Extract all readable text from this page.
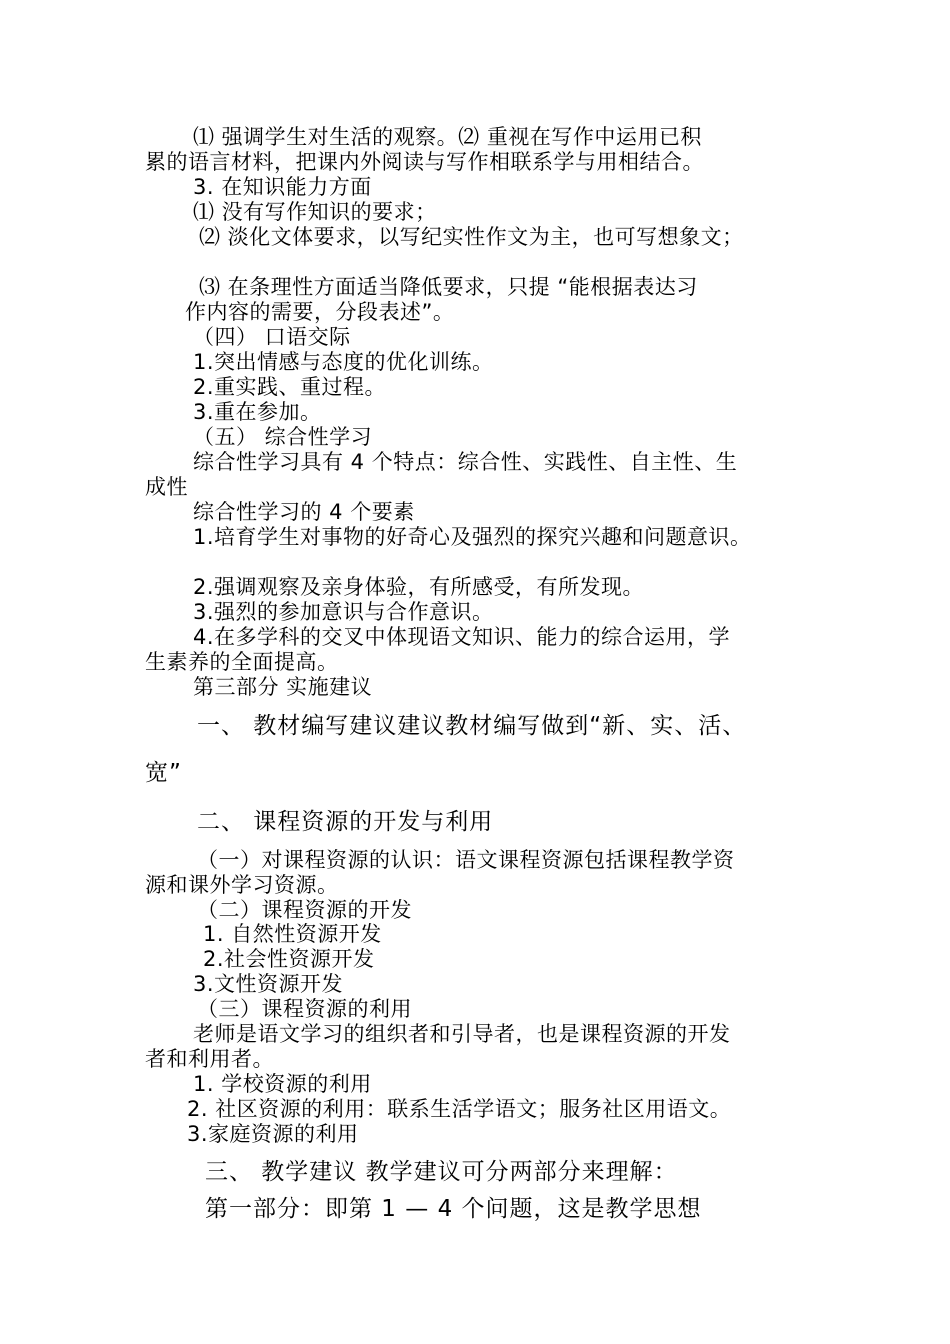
⑴ 强调学生对生活的观察。⑵ 重视在写作中运用已积
累的语言材料，把课内外阅读与写作相联系学与用相结合。
3. 在知识能力方面
⑴ 没有写作知识的要求；
⑵ 淡化文体要求，以写纪实性作文为主，也可写想象文；
⑶ 在条理性方面适当降低要求，只提 “能根据表达习
作内容的需要，分段表述”。
（四） 口语交际
1.突出情感与态度的优化训练。
2.重实践、重过程。
3.重在参加。
（五） 综合性学习
综合性学习具有 4 个特点：综合性、实践性、自主性、生
成性
综合性学习的 4 个要素
1.培育学生对事物的好奇心及强烈的探究兴趣和问题意识。
2.强调观察及亲身体验，有所感受，有所发现。
3.强烈的参加意识与合作意识。
4.在多学科的交叉中体现语文知识、能力的综合运用，学
生素养的全面提高。
第三部分 实施建议
一、 教材编写建议建议教材编写做到“新、实、活、
宽”
二、 课程资源的开发与利用
（一）对课程资源的认识：语文课程资源包括课程教学资
源和课外学习资源。
（二）课程资源的开发
1. 自然性资源开发
2.社会性资源开发
3.文性资源开发
（三）课程资源的利用
老师是语文学习的组织者和引导者，也是课程资源的开发
者和利用者。
1. 学校资源的利用
2. 社区资源的利用：联系生活学语文；服务社区用语文。
3.家庭资源的利用
三、 教学建议 教学建议可分两部分来理解：
第一部分：即第 1 — 4 个问题，这是教学思想
